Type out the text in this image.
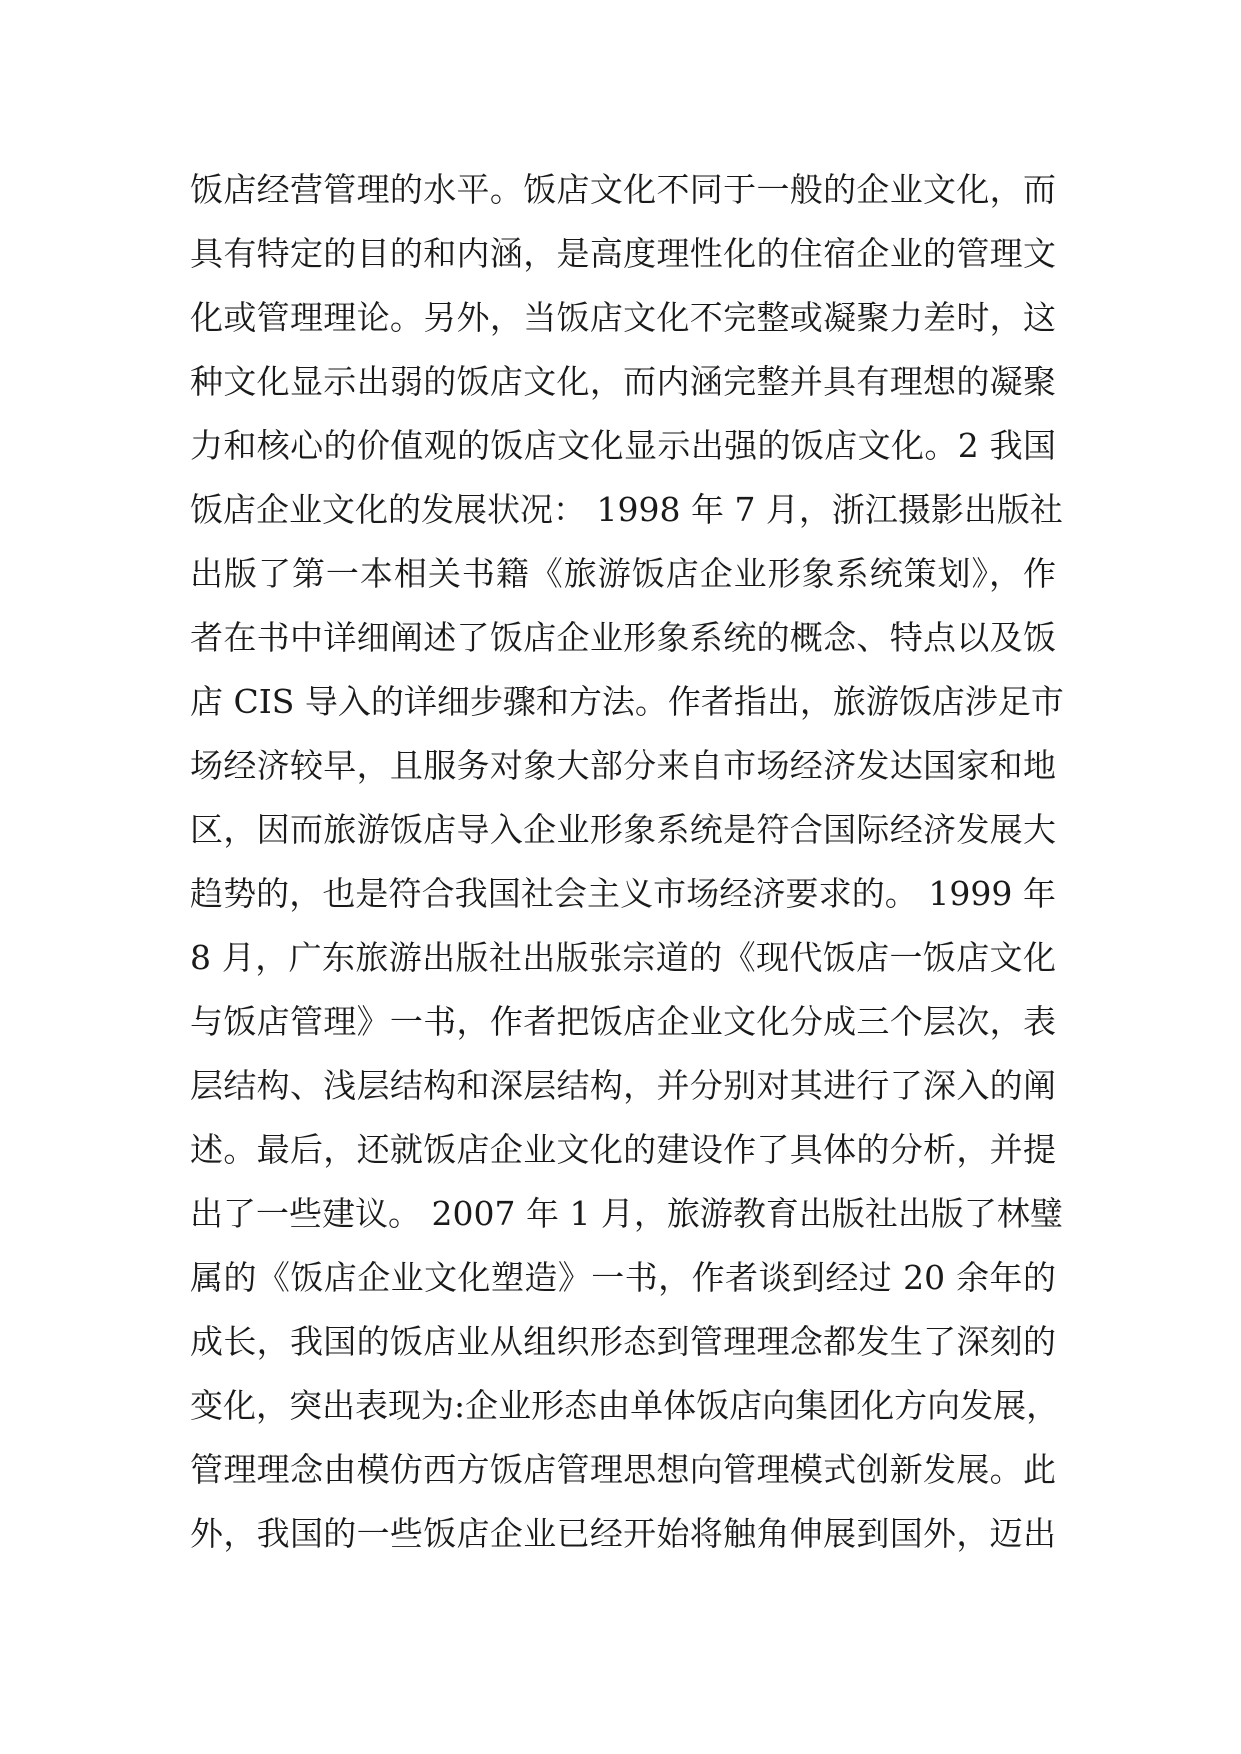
饭店经营管理的水平。饭店文化不同于一般的企业文化，而
具有特定的目的和内涵，是高度理性化的住宿企业的管理文
化或管理理论。另外，当饭店文化不完整或凝聚力差时，这
种文化显示出弱的饭店文化，而内涵完整并具有理想的凝聚
力和核心的价值观的饭店文化显示出强的饭店文化。2 我国
饭店企业文化的发展状况： 1998 年 7 月，浙江摄影出版社
出版了第一本相关书籍《旅游饭店企业形象系统策划》，作
者在书中详细阐述了饭店企业形象系统的概念、特点以及饭
店 CIS 导入的详细步骤和方法。作者指出，旅游饭店涉足市
场经济较早，且服务对象大部分来自市场经济发达国家和地
区，因而旅游饭店导入企业形象系统是符合国际经济发展大
趋势的，也是符合我国社会主义市场经济要求的。 1999 年
8 月，广东旅游出版社出版张宗道的《现代饭店一饭店文化
与饭店管理》一书，作者把饭店企业文化分成三个层次，表
层结构、浅层结构和深层结构，并分别对其进行了深入的阐
述。最后，还就饭店企业文化的建设作了具体的分析，并提
出了一些建议。 2007 年 1 月，旅游教育出版社出版了林璧
属的《饭店企业文化塑造》一书，作者谈到经过 20 余年的
成长，我国的饭店业从组织形态到管理理念都发生了深刻的
变化，突出表现为:企业形态由单体饭店向集团化方向发展，
管理理念由模仿西方饭店管理思想向管理模式创新发展。此
外，我国的一些饭店企业已经开始将触角伸展到国外，迈出
